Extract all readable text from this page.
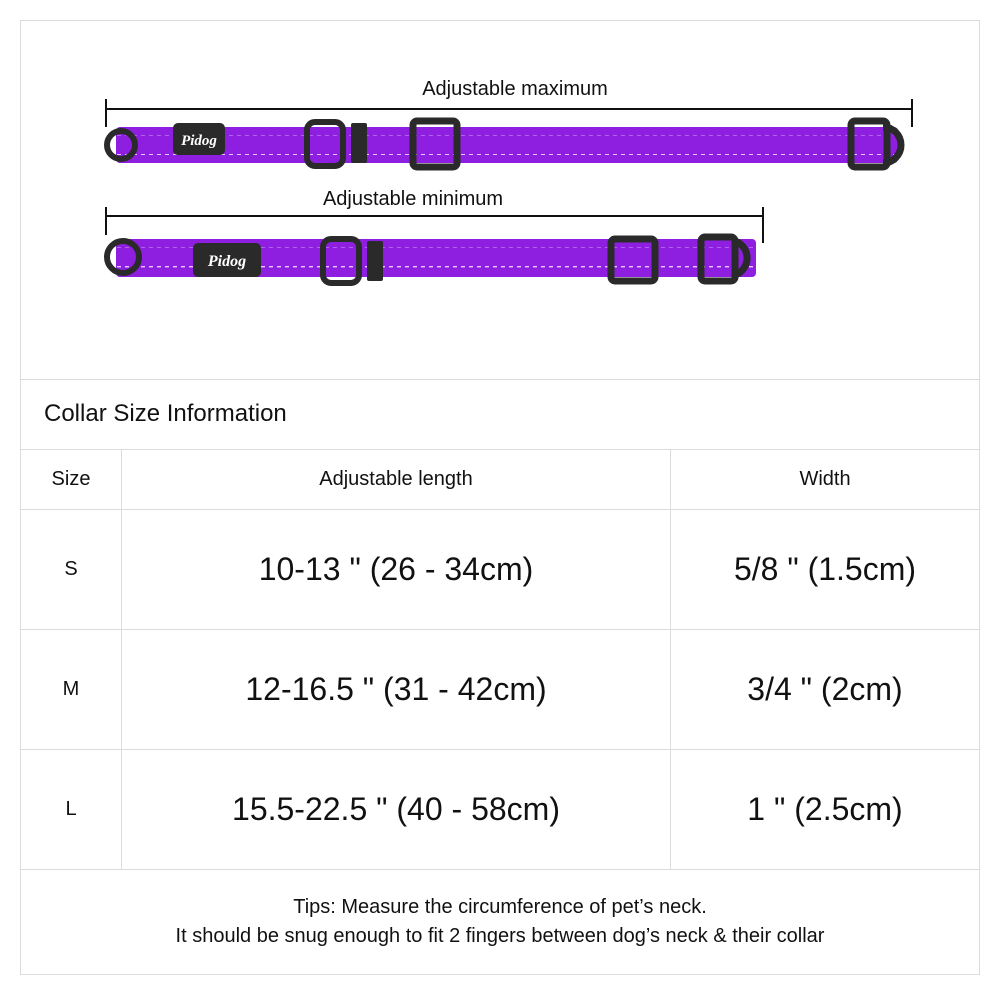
Adjustable maximum
Pidog
Adjustable minimum
Pidog
Collar Size Information
Size	Adjustable length	Width
S	10-13 " (26 - 34cm)	5/8 " (1.5cm)
M	12-16.5 " (31 - 42cm)	3/4 " (2cm)
L	15.5-22.5 " (40 - 58cm)	1 " (2.5cm)
Tips: Measure the circumference of pet’s neck.
It should be snug enough to fit 2 fingers between dog’s neck & their collar
